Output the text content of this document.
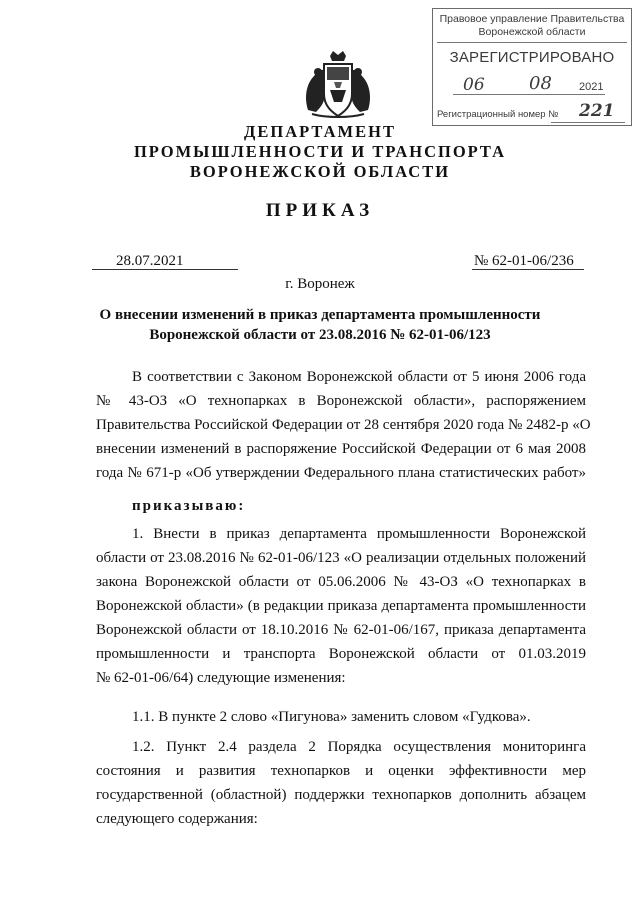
Правовое управление Правительства
Воронежской области
ЗАРЕГИСТРИРОВАНО
06 08 2021
Регистрационный номер № 221
ДЕПАРТАМЕНТ
ПРОМЫШЛЕННОСТИ И ТРАНСПОРТА
ВОРОНЕЖСКОЙ ОБЛАСТИ
ПРИКАЗ
28.07.2021	№ 62-01-06/236
г. Воронеж
О внесении изменений в приказ департамента промышленности
Воронежской области от 23.08.2016 № 62-01-06/123
В соответствии с Законом Воронежской области от 5 июня 2006 года
№ 43-ОЗ «О технопарках в Воронежской области», распоряжением
Правительства Российской Федерации от 28 сентября 2020 года № 2482-р «О
внесении изменений в распоряжение Российской Федерации от 6 мая 2008
года № 671-р «Об утверждении Федерального плана статистических работ»
приказываю:
1. Внести в приказ департамента промышленности Воронежской
области от 23.08.2016 № 62-01-06/123 «О реализации отдельных положений
закона Воронежской области от 05.06.2006 № 43-ОЗ «О технопарках в
Воронежской области» (в редакции приказа департамента промышленности
Воронежской области от 18.10.2016 № 62-01-06/167, приказа департамента
промышленности и транспорта Воронежской области от 01.03.2019
№ 62-01-06/64) следующие изменения:
1.1. В пункте 2 слово «Пигунова» заменить словом «Гудкова».
1.2. Пункт 2.4 раздела 2 Порядка осуществления мониторинга
состояния и развития технопарков и оценки эффективности мер
государственной (областной) поддержки технопарков дополнить абзацем
следующего содержания:
